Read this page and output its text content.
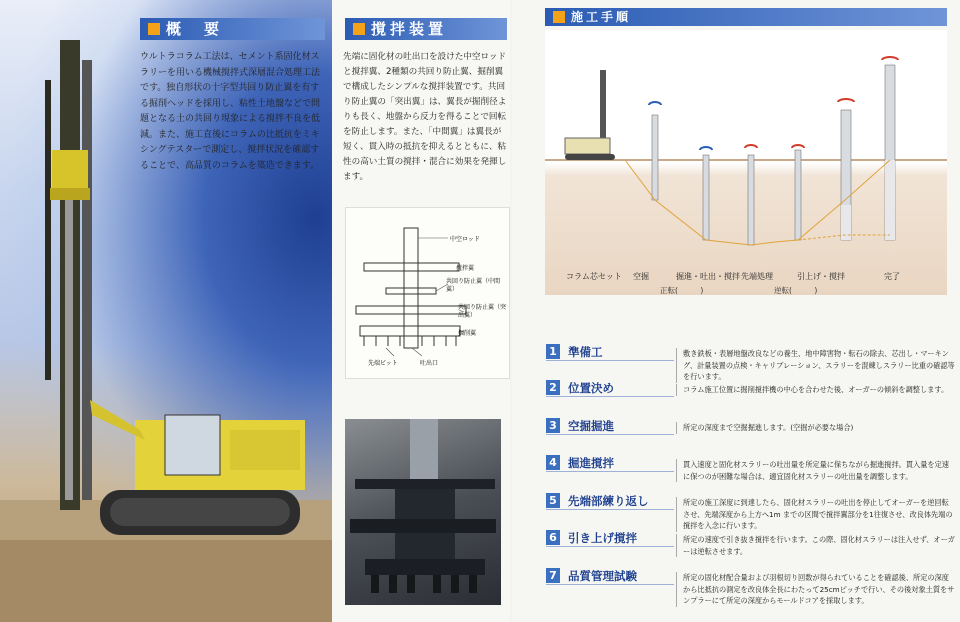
概　要
ウルトラコラム工法は、セメント系固化材スラリーを用いる機械撹拌式深層混合処理工法です。独自形状の十字型共回り防止翼を有する掘削ヘッドを採用し、粘性土地盤などで問題となる土の共回り現象による撹拌不良を低減。また、施工直後にコラムの比抵抗をミキシングテスターで測定し、撹拌状況を確認することで、高品質のコラムを築造できます。
撹拌装置
先端に固化材の吐出口を設けた中空ロッドと撹拌翼、2種類の共回り防止翼、掘削翼で構成したシンプルな撹拌装置です。共回り防止翼の「突出翼」は、翼長が掘削径よりも長く、地盤から反力を得ることで回転を防止します。また、「中間翼」は翼長が短く、貫入時の抵抗を抑えるとともに、粘性の高い土質の撹拌・混合に効果を発揮します。
中空ロッド
撹拌翼
共回り防止翼（中間翼）
共回り防止翼（突出翼）
掘削翼
先端ビット	吐出口
施工手順
コラム芯セット 空掘	掘進・吐出・撹拌 先端処理	引上げ・撹拌	完了
正転(　　　)	逆転(　　　)
1 準備工	敷き鉄板・表層地盤改良などの養生、地中障害物・転石の除去、芯出し・マーキング、計量装置の点検・キャリブレーション、スラリーを混練しスラリー比重の確認等を行います。
2 位置決め	コラム施工位置に掘削撹拌機の中心を合わせた後、オーガーの傾斜を調整します。
3 空掘掘進	所定の深度まで空掘掘進します。(空掘が必要な場合)
4 掘進撹拌	貫入速度と固化材スラリーの吐出量を所定量に保ちながら掘進撹拌。貫入量を定速に保つのが困難な場合は、適宜固化材スラリーの吐出量を調整します。
5 先端部練り返し	所定の施工深度に到達したら、固化材スラリーの吐出を停止してオーガーを逆回転させ、先端深度から上方へ1m までの区間で撹拌翼部分を1往復させ、改良体先端の撹拌を入念に行います。
6 引き上げ撹拌	所定の速度で引き抜き撹拌を行います。この際、固化材スラリーは注入せず、オーガーは逆転させます。
7 品質管理試験	所定の固化材配合量および羽根切り回数が得られていることを確認後、所定の深度から比抵抗の測定を改良体全長にわたって25cmピッチで行い、その後対象土質をサンプラーにて所定の深度からモールドコアを採取します。
